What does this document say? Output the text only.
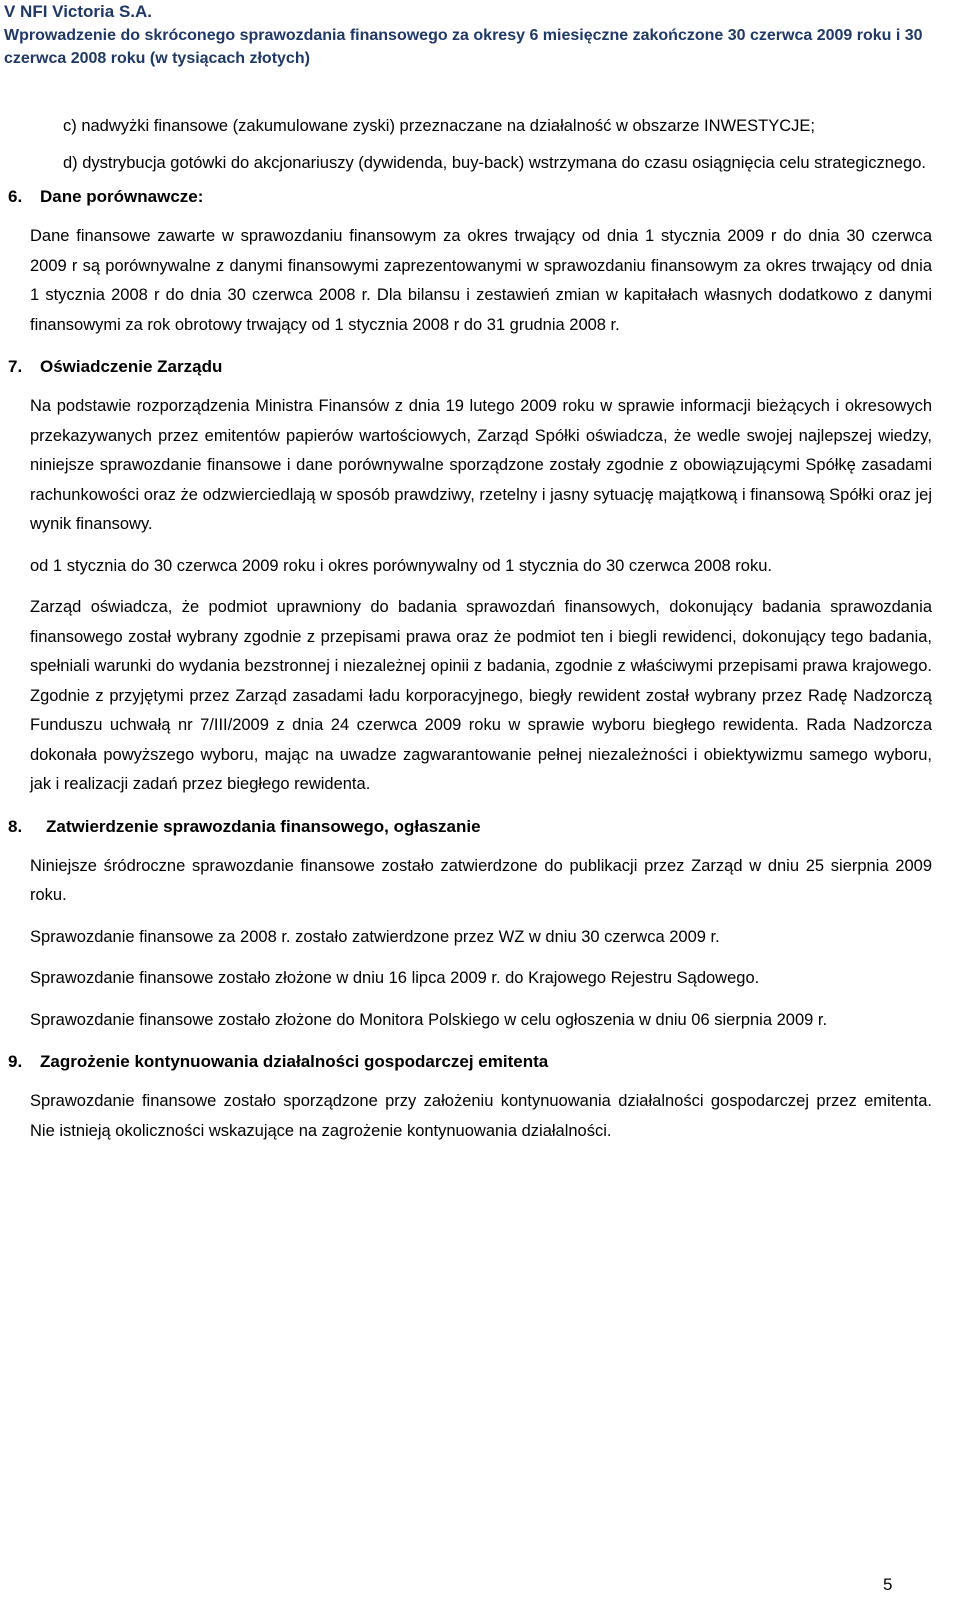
V NFI Victoria S.A.
Wprowadzenie do skróconego sprawozdania finansowego za okresy 6 miesięczne zakończone 30 czerwca 2009 roku i 30 czerwca 2008 roku (w tysiącach złotych)

c) nadwyżki finansowe (zakumulowane zyski) przeznaczane na działalność w obszarze INWESTYCJE;

d) dystrybucja gotówki do akcjonariuszy (dywidenda, buy-back) wstrzymana do czasu osiągnięcia celu strategicznego.

6. Dane porównawcze:

Dane finansowe zawarte w sprawozdaniu finansowym za okres trwający od dnia 1 stycznia 2009 r do dnia 30 czerwca 2009 r są porównywalne z danymi finansowymi zaprezentowanymi w sprawozdaniu finansowym za okres trwający od dnia 1 stycznia 2008 r do dnia 30 czerwca 2008 r. Dla bilansu i zestawień zmian w kapitałach własnych dodatkowo z danymi finansowymi za rok obrotowy trwający od 1 stycznia 2008 r do 31 grudnia 2008 r.

7. Oświadczenie Zarządu

Na podstawie rozporządzenia Ministra Finansów z dnia 19 lutego 2009 roku w sprawie informacji bieżących i okresowych przekazywanych przez emitentów papierów wartościowych, Zarząd Spółki oświadcza, że wedle swojej najlepszej wiedzy, niniejsze sprawozdanie finansowe i dane porównywalne sporządzone zostały zgodnie z obowiązującymi Spółkę zasadami rachunkowości oraz że odzwierciedlają w sposób prawdziwy, rzetelny i jasny sytuację majątkową i finansową Spółki oraz jej wynik finansowy.

od 1 stycznia do 30 czerwca 2009 roku i okres porównywalny od 1 stycznia do 30 czerwca 2008 roku.

Zarząd oświadcza, że podmiot uprawniony do badania sprawozdań finansowych, dokonujący badania sprawozdania finansowego został wybrany zgodnie z przepisami prawa oraz że podmiot ten i biegli rewidenci, dokonujący tego badania, spełniali warunki do wydania bezstronnej i niezależnej opinii z badania, zgodnie z właściwymi przepisami prawa krajowego. Zgodnie z przyjętymi przez Zarząd zasadami ładu korporacyjnego, biegły rewident został wybrany przez Radę Nadzorczą Funduszu uchwałą nr 7/III/2009 z dnia 24 czerwca 2009 roku w sprawie wyboru biegłego rewidenta. Rada Nadzorcza dokonała powyższego wyboru, mając na uwadze zagwarantowanie pełnej niezależności i obiektywizmu samego wyboru, jak i realizacji zadań przez biegłego rewidenta.

8. Zatwierdzenie sprawozdania finansowego, ogłaszanie

Niniejsze śródroczne sprawozdanie finansowe zostało zatwierdzone do publikacji przez Zarząd w dniu 25 sierpnia 2009 roku.

Sprawozdanie finansowe za 2008 r. zostało zatwierdzone przez WZ w dniu 30 czerwca 2009 r.

Sprawozdanie finansowe zostało złożone w dniu 16 lipca 2009 r. do Krajowego Rejestru Sądowego.

Sprawozdanie finansowe zostało złożone do Monitora Polskiego w celu ogłoszenia w dniu 06 sierpnia 2009 r.

9. Zagrożenie kontynuowania działalności gospodarczej emitenta

Sprawozdanie finansowe zostało sporządzone przy założeniu kontynuowania działalności gospodarczej przez emitenta. Nie istnieją okoliczności wskazujące na zagrożenie kontynuowania działalności.

5
